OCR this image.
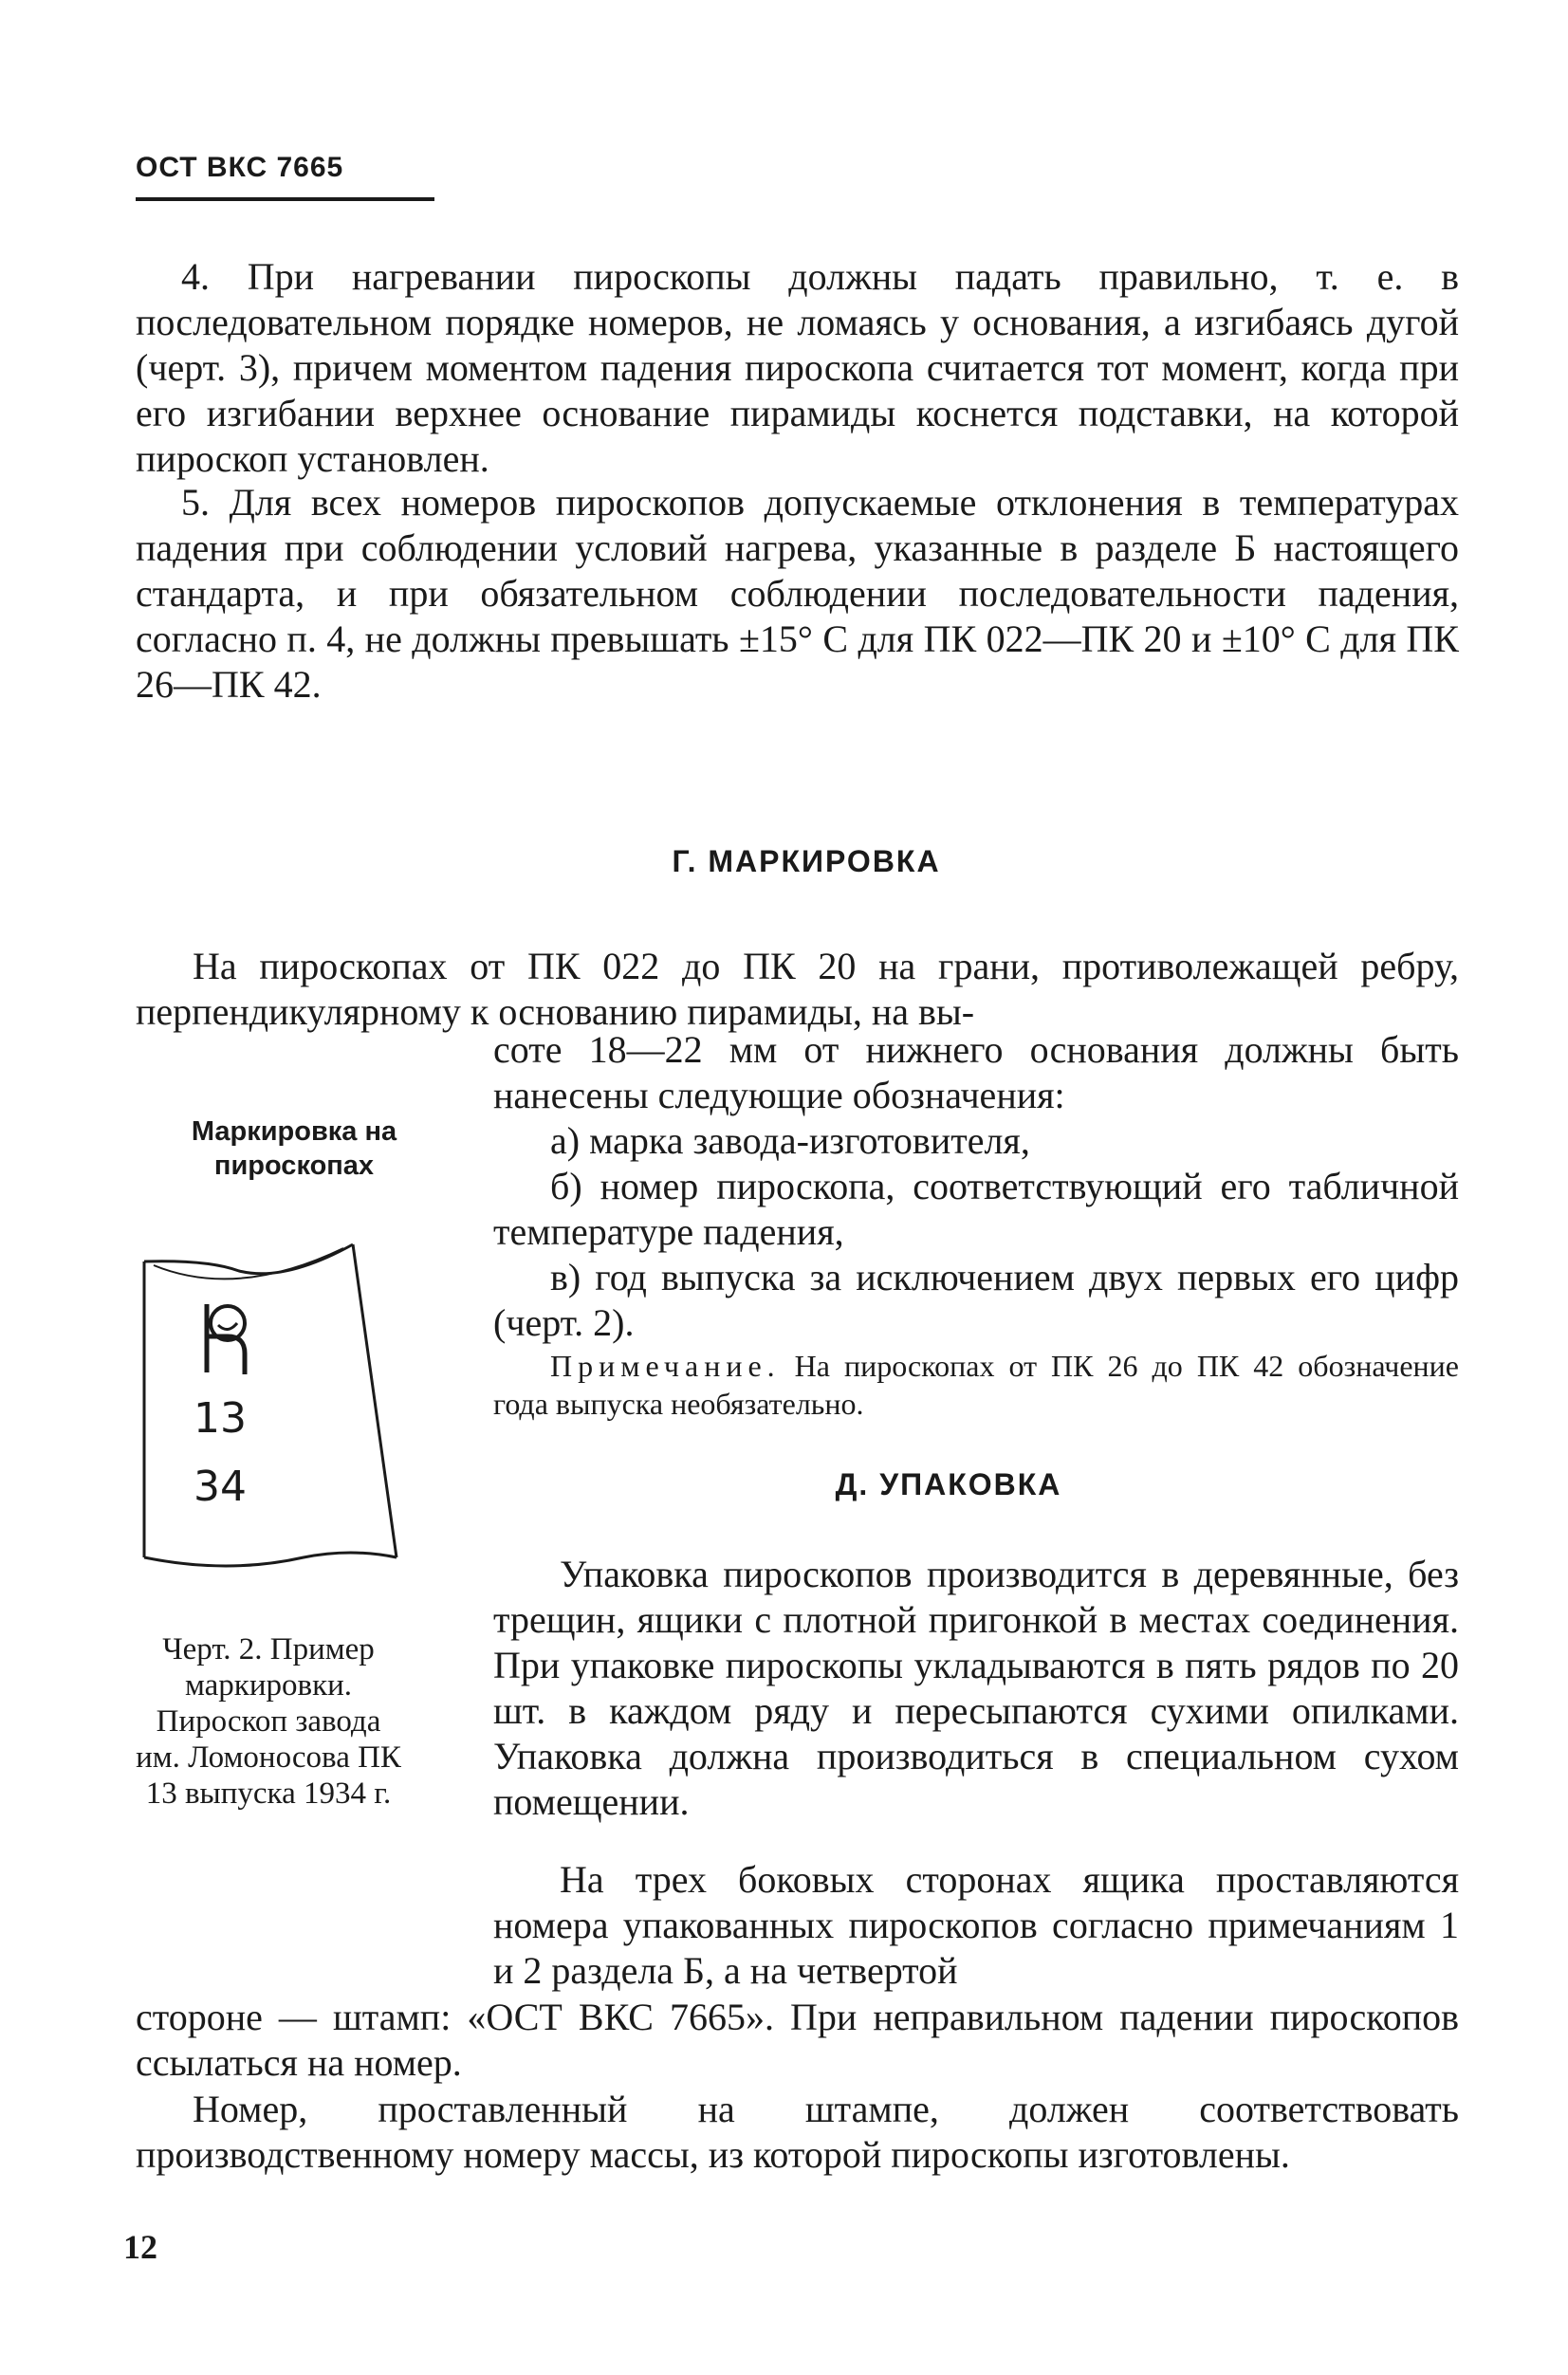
ОСТ ВКС 7665
4. При нагревании пироскопы должны падать правильно, т. е. в последовательном порядке номеров, не ломаясь у основания, а изгибаясь дугой (черт. 3), причем моментом падения пироскопа считается тот момент, когда при его изгибании верхнее основание пирамиды коснется подставки, на которой пироскоп установлен.
5. Для всех номеров пироскопов допускаемые отклонения в температурах падения при соблюдении условий нагрева, указанные в разделе Б настоящего стандарта, и при обязательном соблюдении последовательности падения, согласно п. 4, не должны превышать ±15° С для ПК 022—ПК 20 и ±10° С для ПК 26—ПК 42.
Г. МАРКИРОВКА
На пироскопах от ПК 022 до ПК 20 на грани, противолежащей ребру, перпендикулярному к основанию пирамиды, на вы-
соте 18—22 мм от нижнего основания должны быть нанесены следующие обозначения:
а) марка завода-изготовителя,
б) номер пироскопа, соответствующий его табличной температуре падения,
в) год выпуска за исключением двух первых его цифр (черт. 2).
Примечание. На пироскопах от ПК 26 до ПК 42 обозначение года выпуска необязательно.
Маркировка на пироскопах
13
34
Черт. 2. Пример маркировки. Пироскоп завода им. Ломоносова ПК 13 выпуска 1934 г.
Д. УПАКОВКА
Упаковка пироскопов производится в деревянные, без трещин, ящики с плотной пригонкой в местах соединения. При упаковке пироскопы укладываются в пять рядов по 20 шт. в каждом ряду и пересыпаются сухими опилками. Упаковка должна производиться в специальном сухом помещении.
На трех боковых сторонах ящика проставляются номера упакованных пироскопов согласно примечаниям 1 и 2 раздела Б, а на четвертой
стороне — штамп: «ОСТ ВКС 7665». При неправильном падении пироскопов ссылаться на номер.
Номер, проставленный на штампе, должен соответствовать производственному номеру массы, из которой пироскопы изготовлены.
12
